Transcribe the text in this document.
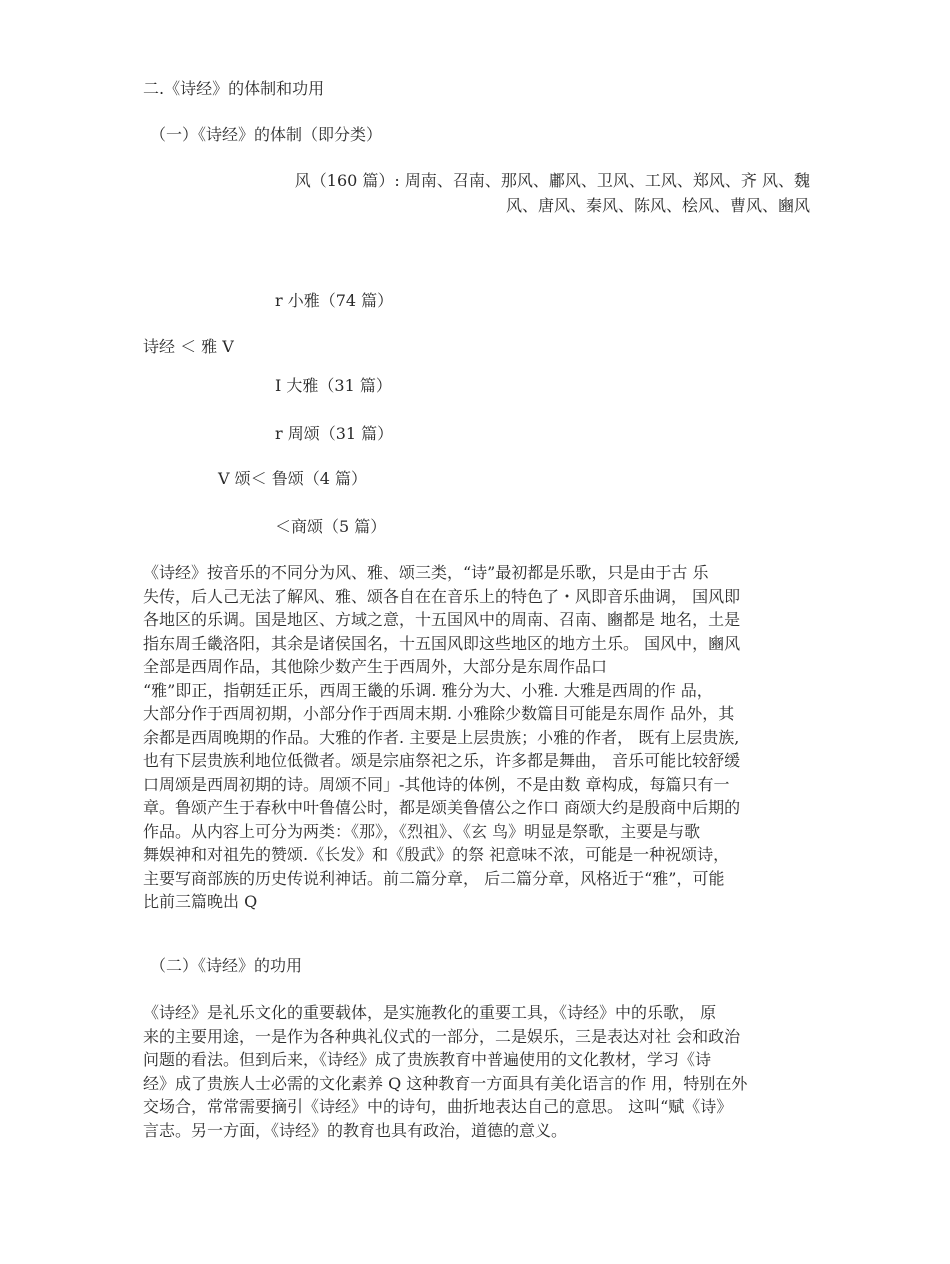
二.《诗经》的体制和功用
（一）《诗经》的体制（即分类）
风（160 篇）: 周南、召南、那风、鄘风、卫风、工风、郑风、齐 风、魏
风、唐风、秦风、陈风、桧风、曹风、豳风
r 小雅（74 篇）
诗经 ＜ 雅 V
I 大雅（31 篇）
r 周颂（31 篇）
V 颂＜ 鲁颂（4 篇）
＜商颂（5 篇）

《诗经》按音乐的不同分为风、雅、颂三类，“诗”最初都是乐歌，只是由于古 乐

失传，后人己无法了解风、雅、颂各自在在音乐上的特色了・风即音乐曲调， 国风即

各地区的乐调。国是地区、方域之意，十五国风中的周南、召南、豳都是 地名，土是

指东周壬畿洛阳，其余是诸侯国名，十五国风即这些地区的地方土乐。 国风中，豳风

全部是西周作品，其他除少数产生于西周外，大部分是东周作品口

“雅”即正，指朝廷正乐，西周王畿的乐调. 雅分为大、小雅. 大雅是西周的作 品，

大部分作于西周初期，小部分作于西周末期. 小雅除少数篇目可能是东周作 品外，其

余都是西周晚期的作品。大雅的作者. 主要是上层贵族；小雅的作者， 既有上层贵族,

也有下层贵族利地位低微者。颂是宗庙祭祀之乐，许多都是舞曲， 音乐可能比较舒缓

口周颂是西周初期的诗。周颂不同」-其他诗的体例，不是由数 章构成，每篇只有一

章。鲁颂产生于春秋中叶鲁僖公时，都是颂美鲁僖公之作口 商颂大约是殷商中后期的

作品。从内容上可分为两类：《那》，《烈祖》、《玄 鸟》明显是祭歌，主要是与歌

舞娱神和对祖先的赞颂.《长发》和《殷武》的祭 祀意味不浓，可能是一种祝颂诗，

主要写商部族的历史传说利神话。前二篇分章， 后二篇分章，风格近于“雅”，可能

比前三篇晚出 Q

（二）《诗经》的功用

《诗经》是礼乐文化的重要载体，是实施教化的重要工具，《诗经》中的乐歌， 原

来的主要用途，一是作为各种典礼仪式的一部分，二是娱乐，三是表达对社 会和政治

问题的看法。但到后来，《诗经》成了贵族教育中普遍使用的文化教材，学习《诗

经》成了贵族人士必需的文化素养 Q 这种教育一方面具有美化语言的作 用，特别在外

交场合，常常需要摘引《诗经》中的诗句，曲折地表达自己的意思。 这叫“赋《诗》

言志。另一方面，《诗经》的教育也具有政治，道德的意义。
